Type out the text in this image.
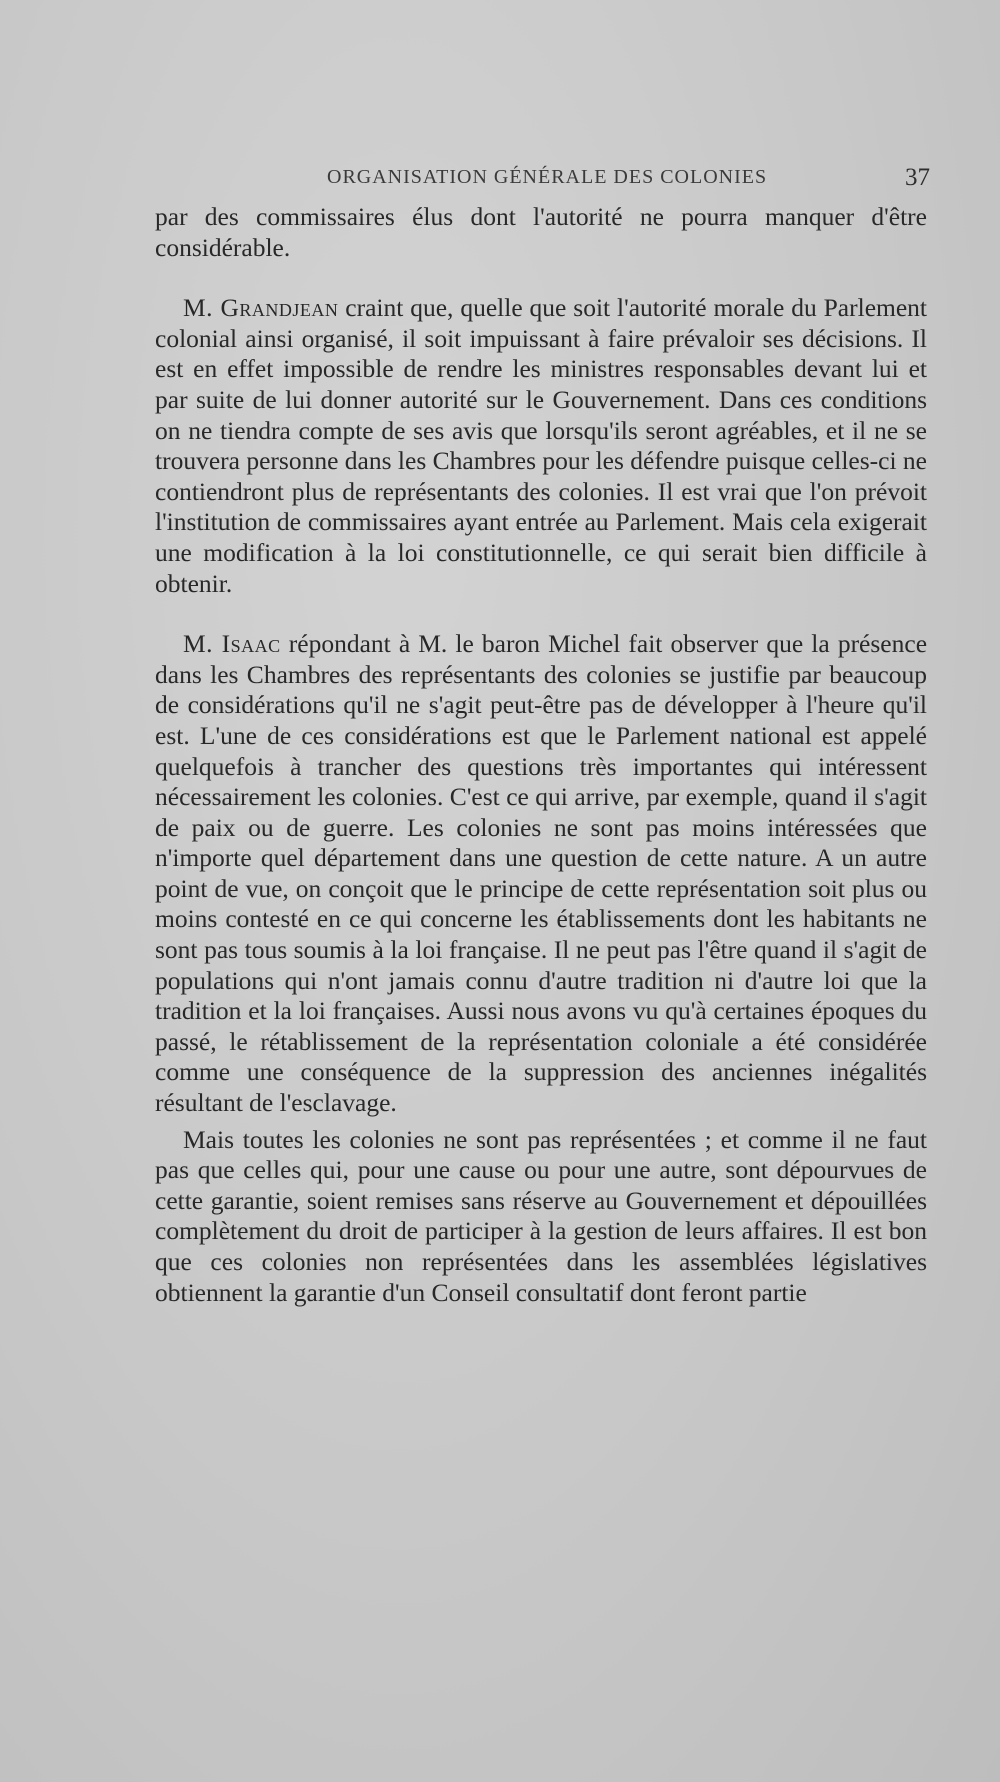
ORGANISATION GÉNÉRALE DES COLONIES	37

par des commissaires élus dont l'autorité ne pourra manquer d'être considérable.

M. Grandjean craint que, quelle que soit l'autorité morale du Parlement colonial ainsi organisé, il soit impuissant à faire prévaloir ses décisions. Il est en effet impossible de rendre les ministres responsables devant lui et par suite de lui donner autorité sur le Gouvernement. Dans ces conditions on ne tiendra compte de ses avis que lorsqu'ils seront agréables, et il ne se trouvera personne dans les Chambres pour les défendre puisque celles-ci ne contiendront plus de représentants des colonies. Il est vrai que l'on prévoit l'institution de commissaires ayant entrée au Parlement. Mais cela exigerait une modification à la loi constitutionnelle, ce qui serait bien difficile à obtenir.

M. Isaac répondant à M. le baron Michel fait observer que la présence dans les Chambres des représentants des colonies se justifie par beaucoup de considérations qu'il ne s'agit peut-être pas de développer à l'heure qu'il est. L'une de ces considérations est que le Parlement national est appelé quelquefois à trancher des questions très importantes qui intéressent nécessairement les colonies. C'est ce qui arrive, par exemple, quand il s'agit de paix ou de guerre. Les colonies ne sont pas moins intéressées que n'importe quel département dans une question de cette nature. A un autre point de vue, on conçoit que le principe de cette représentation soit plus ou moins contesté en ce qui concerne les établissements dont les habitants ne sont pas tous soumis à la loi française. Il ne peut pas l'être quand il s'agit de populations qui n'ont jamais connu d'autre tradition ni d'autre loi que la tradition et la loi françaises. Aussi nous avons vu qu'à certaines époques du passé, le rétablissement de la représentation coloniale a été considérée comme une conséquence de la suppression des anciennes inégalités résultant de l'esclavage.

Mais toutes les colonies ne sont pas représentées ; et comme il ne faut pas que celles qui, pour une cause ou pour une autre, sont dépourvues de cette garantie, soient remises sans réserve au Gouvernement et dépouillées complètement du droit de participer à la gestion de leurs affaires. Il est bon que ces colonies non représentées dans les assemblées législatives obtiennent la garantie d'un Conseil consultatif dont feront partie
